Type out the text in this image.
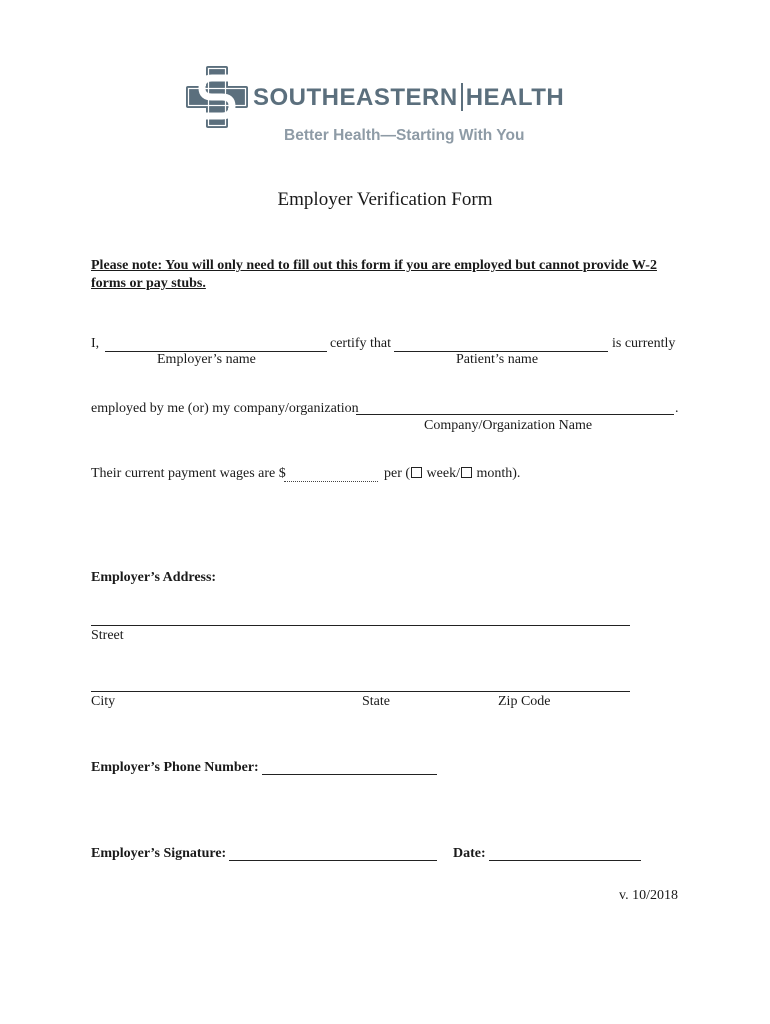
SOUTHEASTERN HEALTH
Better Health—Starting With You
Employer Verification Form
Please note: You will only need to fill out this form if you are employed but cannot provide W-2
forms or pay stubs.
I,	certify that	is currently
Employer’s name	Patient’s name
employed by me (or) my company/organization	.
Company/Organization Name
Their current payment wages are $	per ( week/ month).
Employer’s Address:
Street
City	State	Zip Code
Employer’s Phone Number:
Employer’s Signature:	Date:
v. 10/2018
